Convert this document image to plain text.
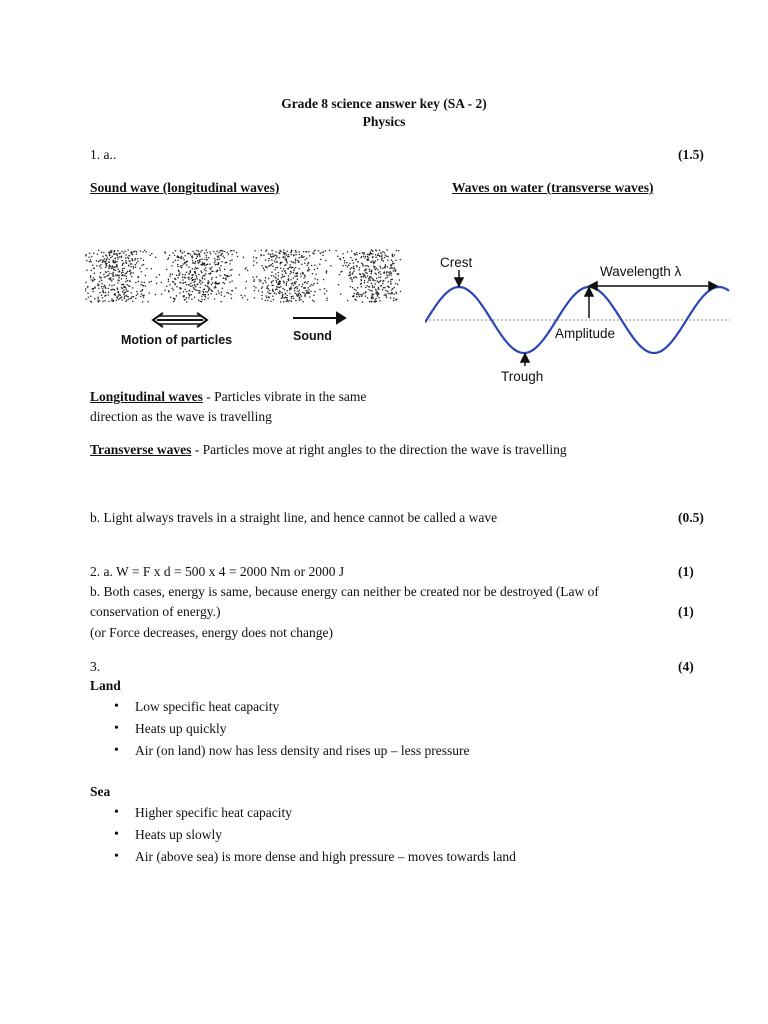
Grade 8 science answer key (SA - 2)
Physics
1. a..	(1.5)
Sound wave (longitudinal waves)	Waves on water (transverse waves)
Motion of particles	Sound
Crest
Wavelength λ
Amplitude
Trough
Longitudinal waves - Particles vibrate in the same
direction as the wave is travelling
Transverse waves - Particles move at right angles to the direction the wave is travelling
b. Light always travels in a straight line, and hence cannot be called a wave	(0.5)
2. a. W = F x d = 500 x 4 = 2000 Nm or 2000 J	(1)
b. Both cases, energy is same, because energy can neither be created nor be destroyed (Law of
conservation of energy.)	(1)
(or Force decreases, energy does not change)
3.	(4)
Land
• Low specific heat capacity
• Heats up quickly
• Air (on land) now has less density and rises up – less pressure
Sea
• Higher specific heat capacity
• Heats up slowly
• Air (above sea) is more dense and high pressure – moves towards land
